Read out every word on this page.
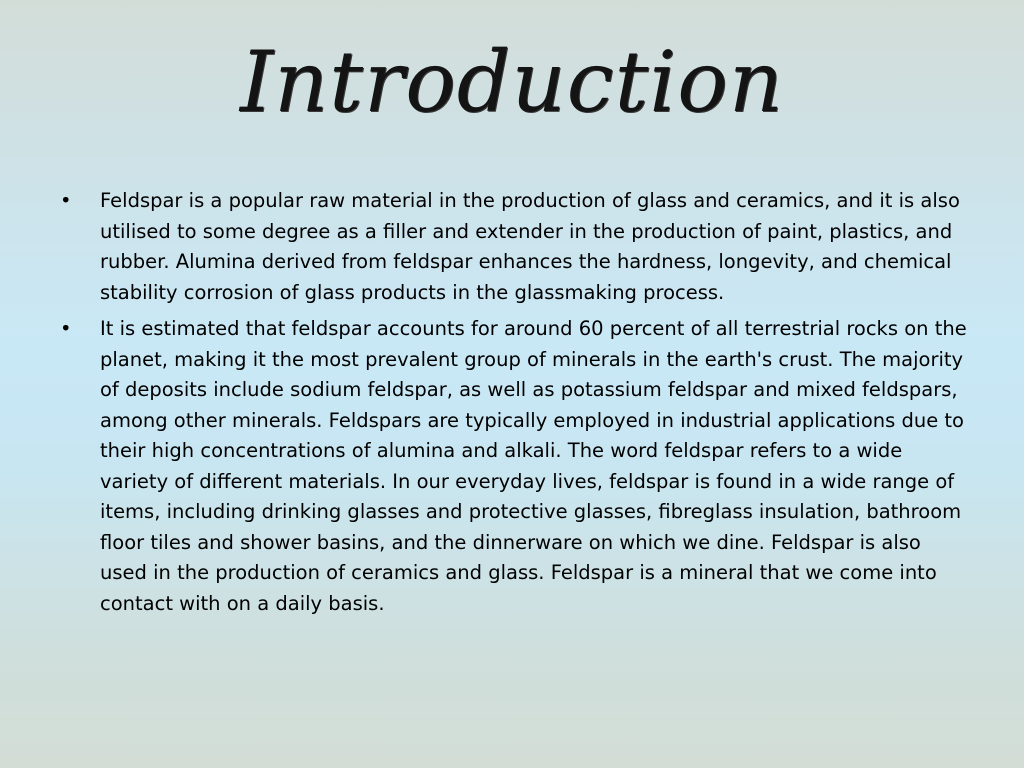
Introduction
•	Feldspar is a popular raw material in the production of glass and ceramics, and it is also utilised to some degree as a filler and extender in the production of paint, plastics, and rubber. Alumina derived from feldspar enhances the hardness, longevity, and chemical stability corrosion of glass products in the glassmaking process.
•	It is estimated that feldspar accounts for around 60 percent of all terrestrial rocks on the planet, making it the most prevalent group of minerals in the earth's crust. The majority of deposits include sodium feldspar, as well as potassium feldspar and mixed feldspars, among other minerals. Feldspars are typically employed in industrial applications due to their high concentrations of alumina and alkali. The word feldspar refers to a wide variety of different materials. In our everyday lives, feldspar is found in a wide range of items, including drinking glasses and protective glasses, fibreglass insulation, bathroom floor tiles and shower basins, and the dinnerware on which we dine. Feldspar is also used in the production of ceramics and glass. Feldspar is a mineral that we come into contact with on a daily basis.
